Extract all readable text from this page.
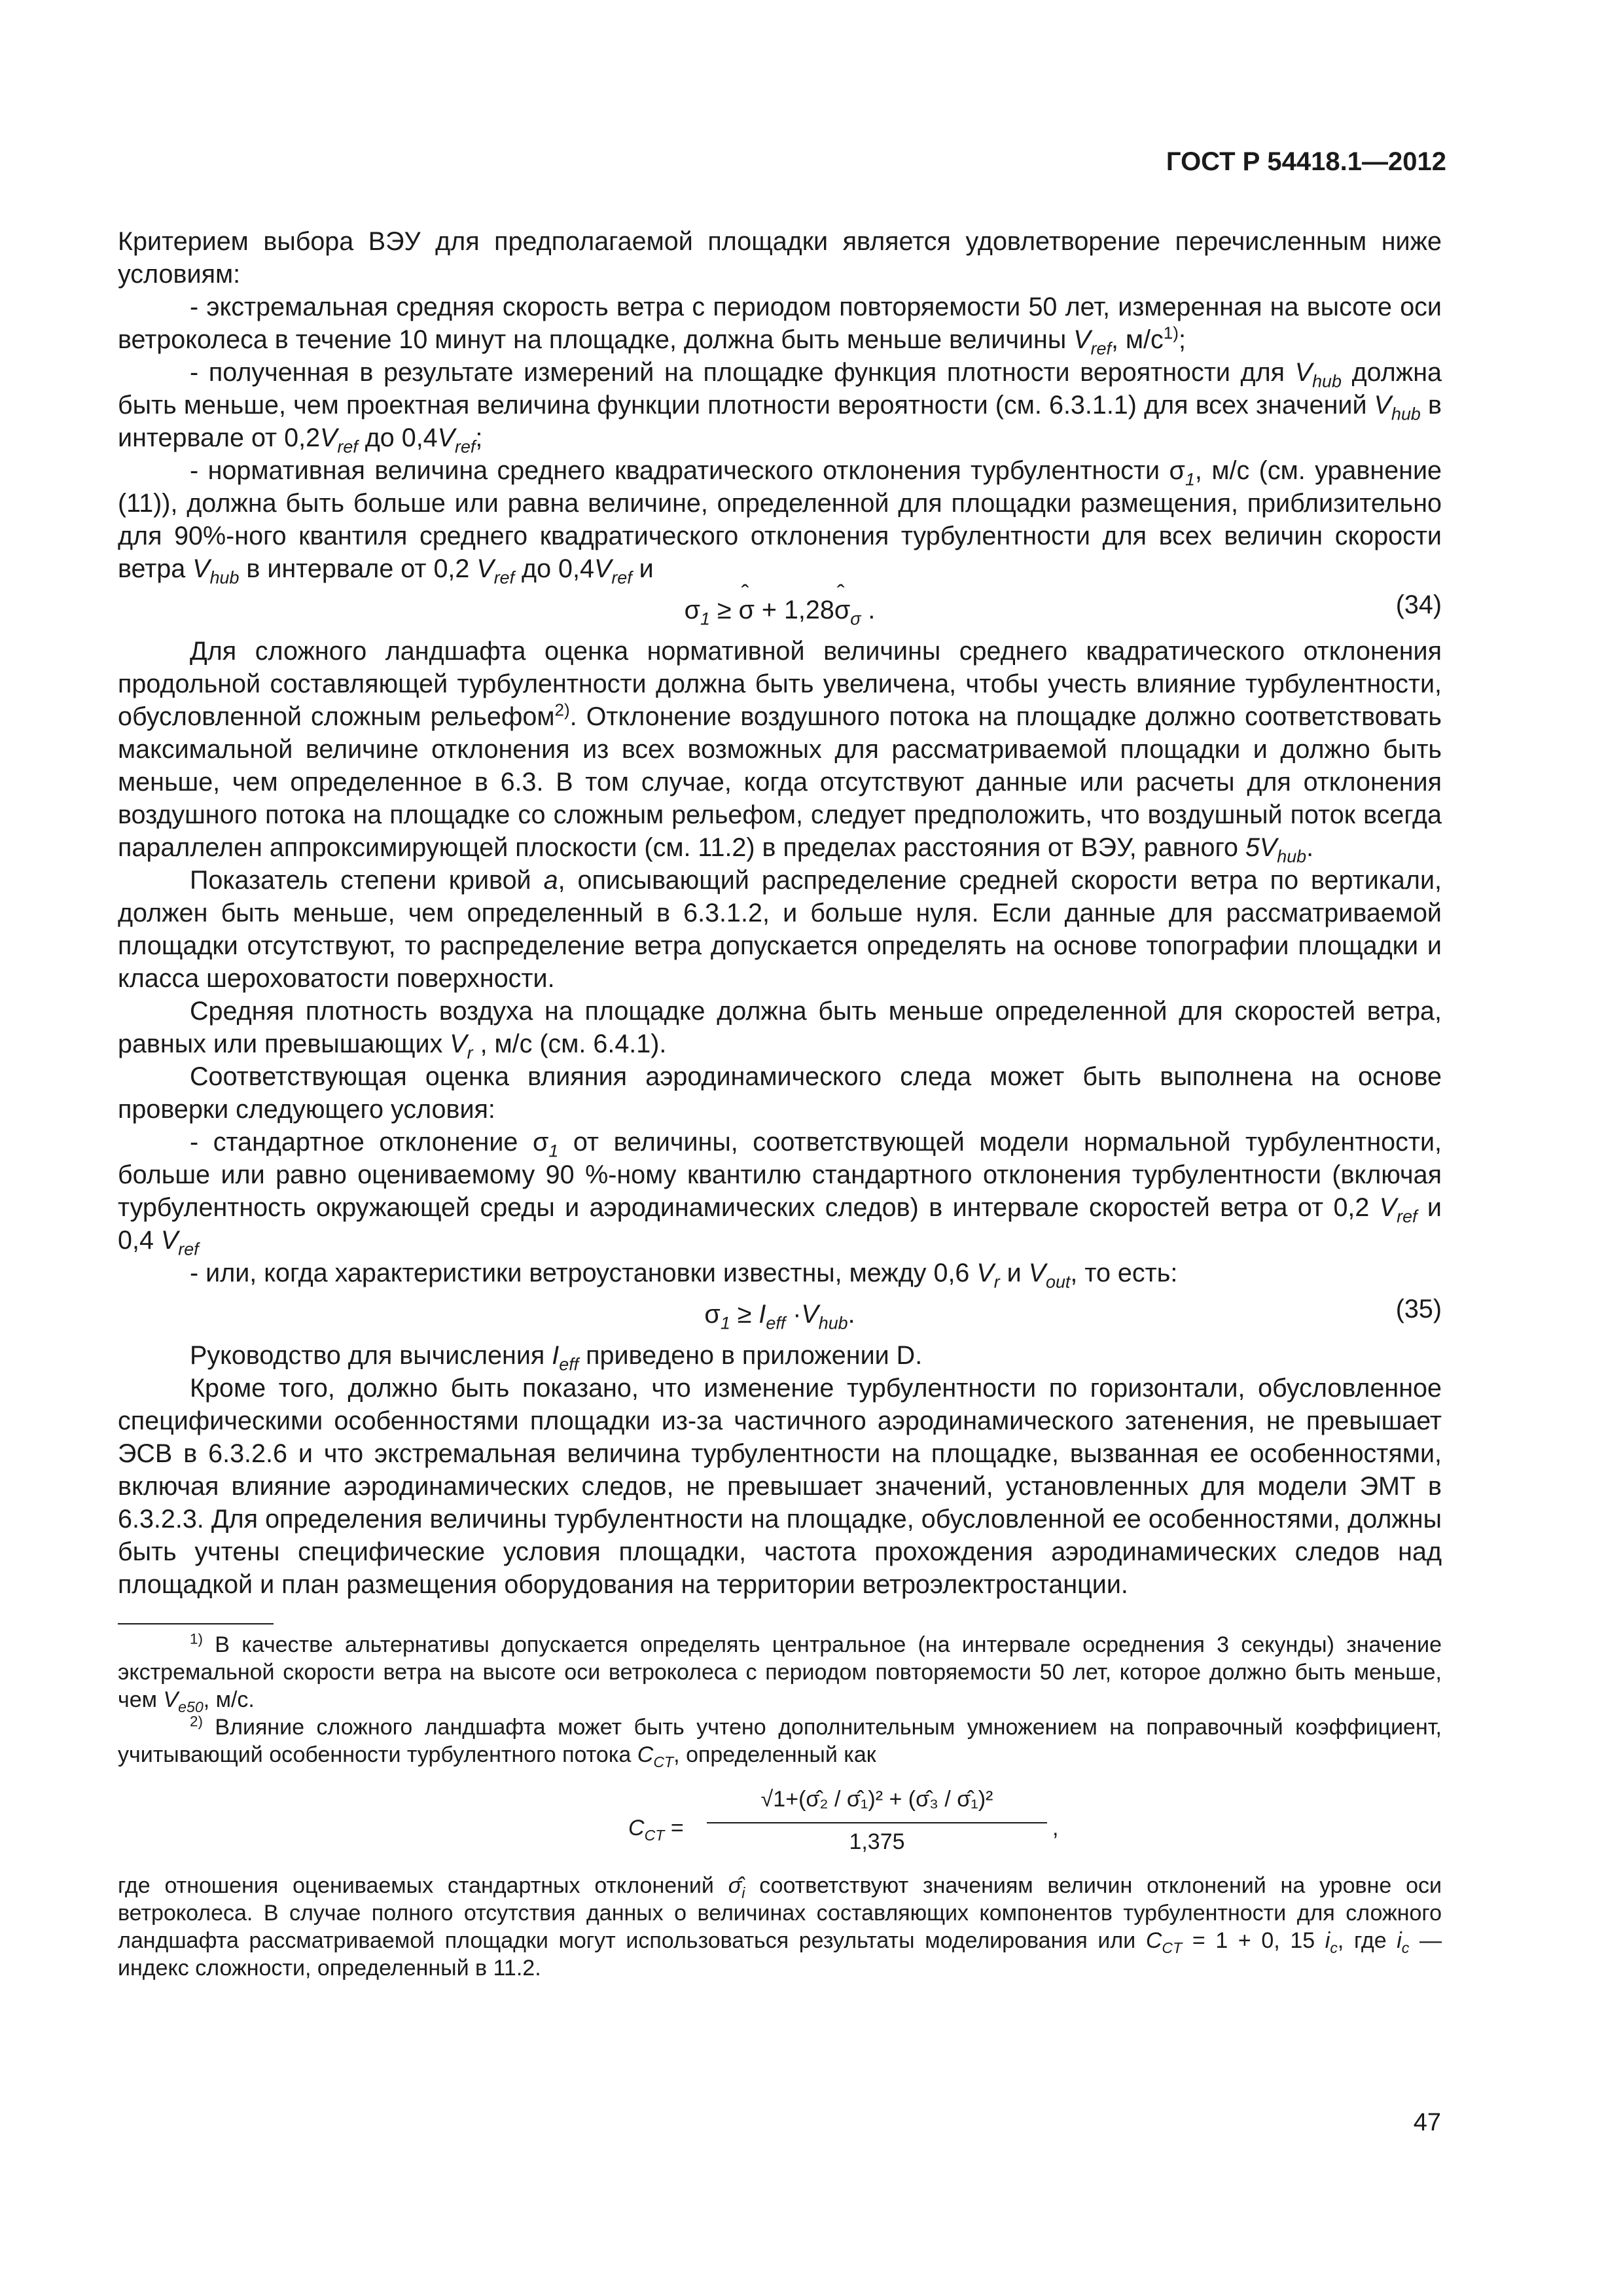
ГОСТ Р 54418.1—2012

Критерием выбора ВЭУ для предполагаемой площадки является удовлетворение перечисленным ниже условиям:

- экстремальная средняя скорость ветра с периодом повторяемости 50 лет, измеренная на высоте оси ветроколеса в течение 10 минут на площадке, должна быть меньше величины $V_{ref}$, $м/с^{1)}$;

- полученная в результате измерений на площадке функция плотности вероятности для $V_{hub}$ должна быть меньше, чем проектная величина функции плотности вероятности (см. 6.3.1.1) для всех значений $V_{hub}$ в интервале от $0,2V_{ref}$ до $0,4V_{ref}$;

- нормативная величина среднего квадратического отклонения турбулентности $\sigma_1$, м/с (см. уравнение (11)), должна быть больше или равна величине, определенной для площадки размещения, приблизительно для 90%-ного квантиля среднего квадратического отклонения турбулентности для всех величин скорости ветра $V_{hub}$ в интервале от 0,2 $V_{ref}$ до $0,4V_{ref}$ и

$\sigma_1$ ≥ ˆ σ + 1,28ˆ $\sigma_\sigma$ .	(34)

Для сложного ландшафта оценка нормативной величины среднего квадратического отклонения продольной составляющей турбулентности должна быть увеличена, чтобы учесть влияние турбулентности, обусловленной сложным рельефом$^{2)}$. Отклонение воздушного потока на площадке должно соответствовать максимальной величине отклонения из всех возможных для рассматриваемой площадки и должно быть меньше, чем определенное в 6.3. В том случае, когда отсутствуют данные или расчеты для отклонения воздушного потока на площадке со сложным рельефом, следует предположить, что воздушный поток всегда параллелен аппроксимирующей плоскости (см. 11.2) в пределах расстояния от ВЭУ, равного $5V_{hub}$.

Показатель степени кривой а, описывающий распределение средней скорости ветра по вертикали, должен быть меньше, чем определенный в 6.3.1.2, и больше нуля. Если данные для рассматриваемой площадки отсутствуют, то распределение ветра допускается определять на основе топографии площадки и класса шероховатости поверхности.

Средняя плотность воздуха на площадке должна быть меньше определенной для скоростей ветра, равных или превышающих $V_r$ , м/с (см. 6.4.1).

Соответствующая оценка влияния аэродинамического следа может быть выполнена на основе проверки следующего условия:

- стандартное отклонение $\sigma_1$ от величины, соответствующей модели нормальной турбулентности, больше или равно оцениваемому 90 %-ному квантилю стандартного отклонения турбулентности (включая турбулентность окружающей среды и аэродинамических следов) в интервале скоростей ветра от 0,2 $V_{ref}$ и 0,4 $V_{ref}$

- или, когда характеристики ветроустановки известны, между 0,6 $V_r$ и $V_{out}$, то есть:

$\sigma_1 \ge I_{eff} \cdot V_{hub}$.	(35)

Руководство для вычисления $I_{eff}$ приведено в приложении D.

Кроме того, должно быть показано, что изменение турбулентности по горизонтали, обусловленное специфическими особенностями площадки из-за частичного аэродинамического затенения, не превышает ЭСВ в 6.3.2.6 и что экстремальная величина турбулентности на площадке, вызванная ее особенностями, включая влияние аэродинамических следов, не превышает значений, установленных для модели ЭМТ в 6.3.2.3. Для определения величины турбулентности на площадке, обусловленной ее особенностями, должны быть учтены специфические условия площадки, частота прохождения аэродинамических следов над площадкой и план размещения оборудования на территории ветроэлектростанции.

$^{1)}$ В качестве альтернативы допускается определять центральное (на интервале осреднения 3 секунды) значение экстремальной скорости ветра на высоте оси ветроколеса с периодом повторяемости 50 лет, которое должно быть меньше, чем $V_{e50}$, м/с.

$^{2)}$ Влияние сложного ландшафта может быть учтено дополнительным умножением на поправочный коэффициент, учитывающий особенности турбулентного потока $C_{CT}$, определенный как

$C_{CT}$ =
√1+(σ̂₂ / σ̂₁)² + (σ̂₃ / σ̂₁)²
1,375
,

где отношения оцениваемых стандартных отклонений $\sigmâ_i$ соответствуют значениям величин отклонений на уровне оси ветроколеса. В случае полного отсутствия данных о величинах составляющих компонентов турбулентности для сложного ландшафта рассматриваемой площадки могут использоваться результаты моделирования или $C_{CT} = 1 + 0$, 15 $i_c$, где $i_c$ — индекс сложности, определенный в 11.2.

47
